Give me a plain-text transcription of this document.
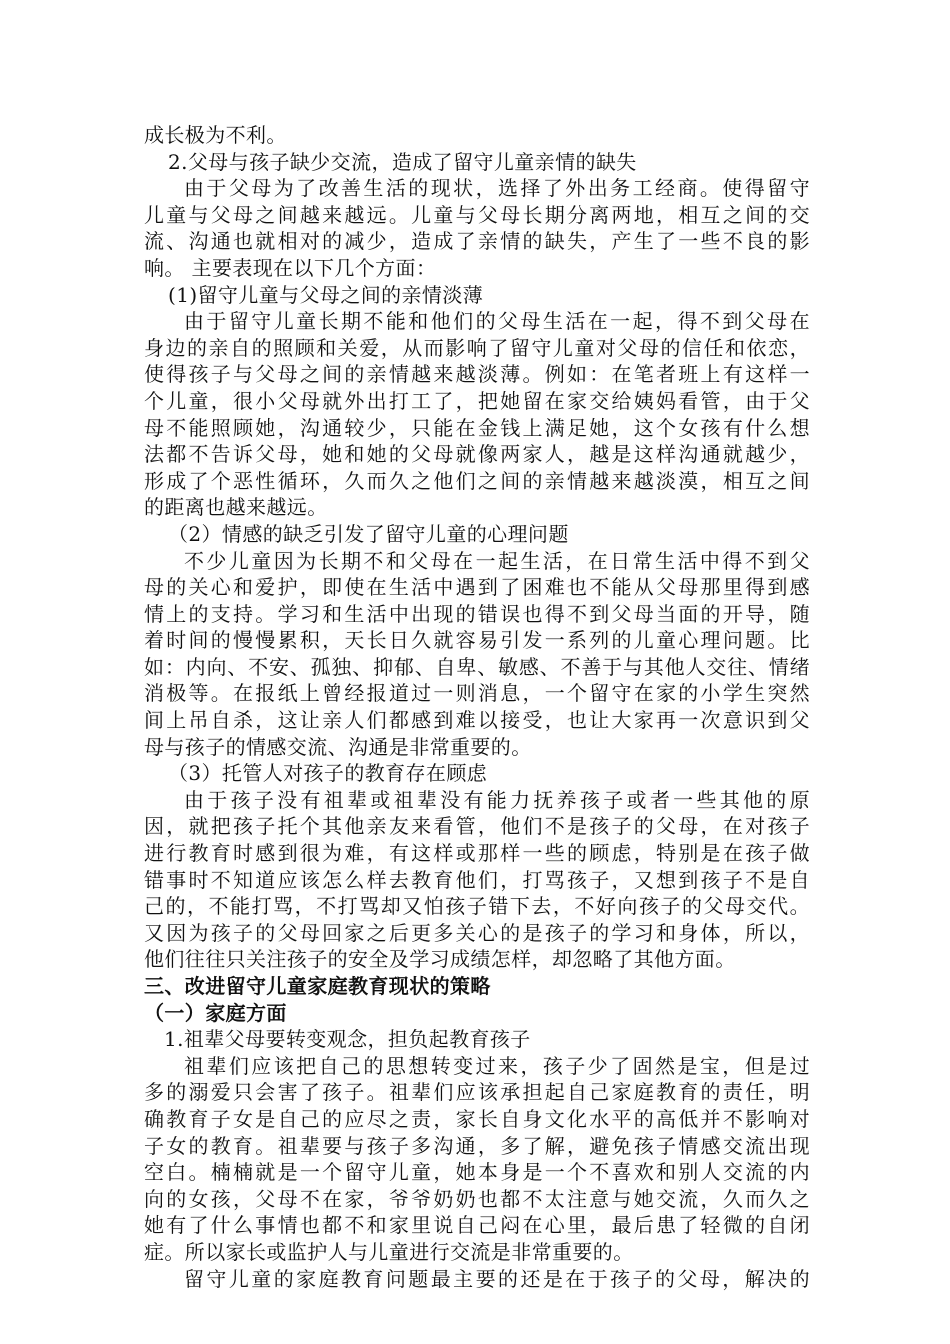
成长极为不利。
2.父母与孩子缺少交流，造成了留守儿童亲情的缺失
由于父母为了改善生活的现状，选择了外出务工经商。使得留守
儿童与父母之间越来越远。儿童与父母长期分离两地，相互之间的交
流、沟通也就相对的减少，造成了亲情的缺失，产生了一些不良的影
响。 主要表现在以下几个方面：
(1)留守儿童与父母之间的亲情淡薄
由于留守儿童长期不能和他们的父母生活在一起，得不到父母在
身边的亲自的照顾和关爱，从而影响了留守儿童对父母的信任和依恋，
使得孩子与父母之间的亲情越来越淡薄。例如：在笔者班上有这样一
个儿童，很小父母就外出打工了，把她留在家交给姨妈看管，由于父
母不能照顾她，沟通较少，只能在金钱上满足她，这个女孩有什么想
法都不告诉父母，她和她的父母就像两家人，越是这样沟通就越少，
形成了个恶性循环，久而久之他们之间的亲情越来越淡漠，相互之间
的距离也越来越远。
（2）情感的缺乏引发了留守儿童的心理问题
不少儿童因为长期不和父母在一起生活，在日常生活中得不到父
母的关心和爱护，即使在生活中遇到了困难也不能从父母那里得到感
情上的支持。学习和生活中出现的错误也得不到父母当面的开导，随
着时间的慢慢累积，天长日久就容易引发一系列的儿童心理问题。比
如：内向、不安、孤独、抑郁、自卑、敏感、不善于与其他人交往、情绪
消极等。在报纸上曾经报道过一则消息，一个留守在家的小学生突然
间上吊自杀，这让亲人们都感到难以接受，也让大家再一次意识到父
母与孩子的情感交流、沟通是非常重要的。
（3）托管人对孩子的教育存在顾虑
由于孩子没有祖辈或祖辈没有能力抚养孩子或者一些其他的原
因，就把孩子托个其他亲友来看管，他们不是孩子的父母，在对孩子
进行教育时感到很为难，有这样或那样一些的顾虑，特别是在孩子做
错事时不知道应该怎么样去教育他们，打骂孩子，又想到孩子不是自
己的，不能打骂，不打骂却又怕孩子错下去，不好向孩子的父母交代。
又因为孩子的父母回家之后更多关心的是孩子的学习和身体，所以，
他们往往只关注孩子的安全及学习成绩怎样，却忽略了其他方面。
三、改进留守儿童家庭教育现状的策略
（一）家庭方面
1.祖辈父母要转变观念，担负起教育孩子
祖辈们应该把自己的思想转变过来，孩子少了固然是宝，但是过
多的溺爱只会害了孩子。祖辈们应该承担起自己家庭教育的责任，明
确教育子女是自己的应尽之责，家长自身文化水平的高低并不影响对
子女的教育。祖辈要与孩子多沟通，多了解，避免孩子情感交流出现
空白。楠楠就是一个留守儿童，她本身是一个不喜欢和别人交流的内
向的女孩，父母不在家，爷爷奶奶也都不太注意与她交流，久而久之
她有了什么事情也都不和家里说自己闷在心里，最后患了轻微的自闭
症。所以家长或监护人与儿童进行交流是非常重要的。
留守儿童的家庭教育问题最主要的还是在于孩子的父母，解决的
